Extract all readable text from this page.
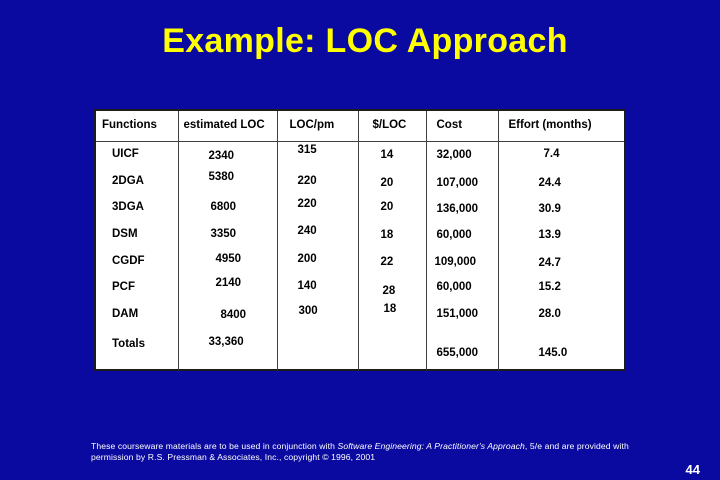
Example: LOC Approach
Functions	estimated LOC	LOC/pm	$/LOC	Cost	Effort (months)

UICF	2340	315	14	32,000	7.4

2DGA	5380	220	20	107,000	24.4

3DGA	6800	220	20	136,000	30.9

DSM	3350	240	18	60,000	13.9

CGDF	4950	200	22	109,000	24.7

PCF	2140	140	28	60,000	15.2

DAM	8400	300	18	151,000	28.0

Totals	33,360			655,000	145.0
These courseware materials are to be used in conjunction with Software Engineering: A Practitioner's Approach, 5/e and are provided with permission by R.S. Pressman & Associates, Inc., copyright © 1996, 2001
44
